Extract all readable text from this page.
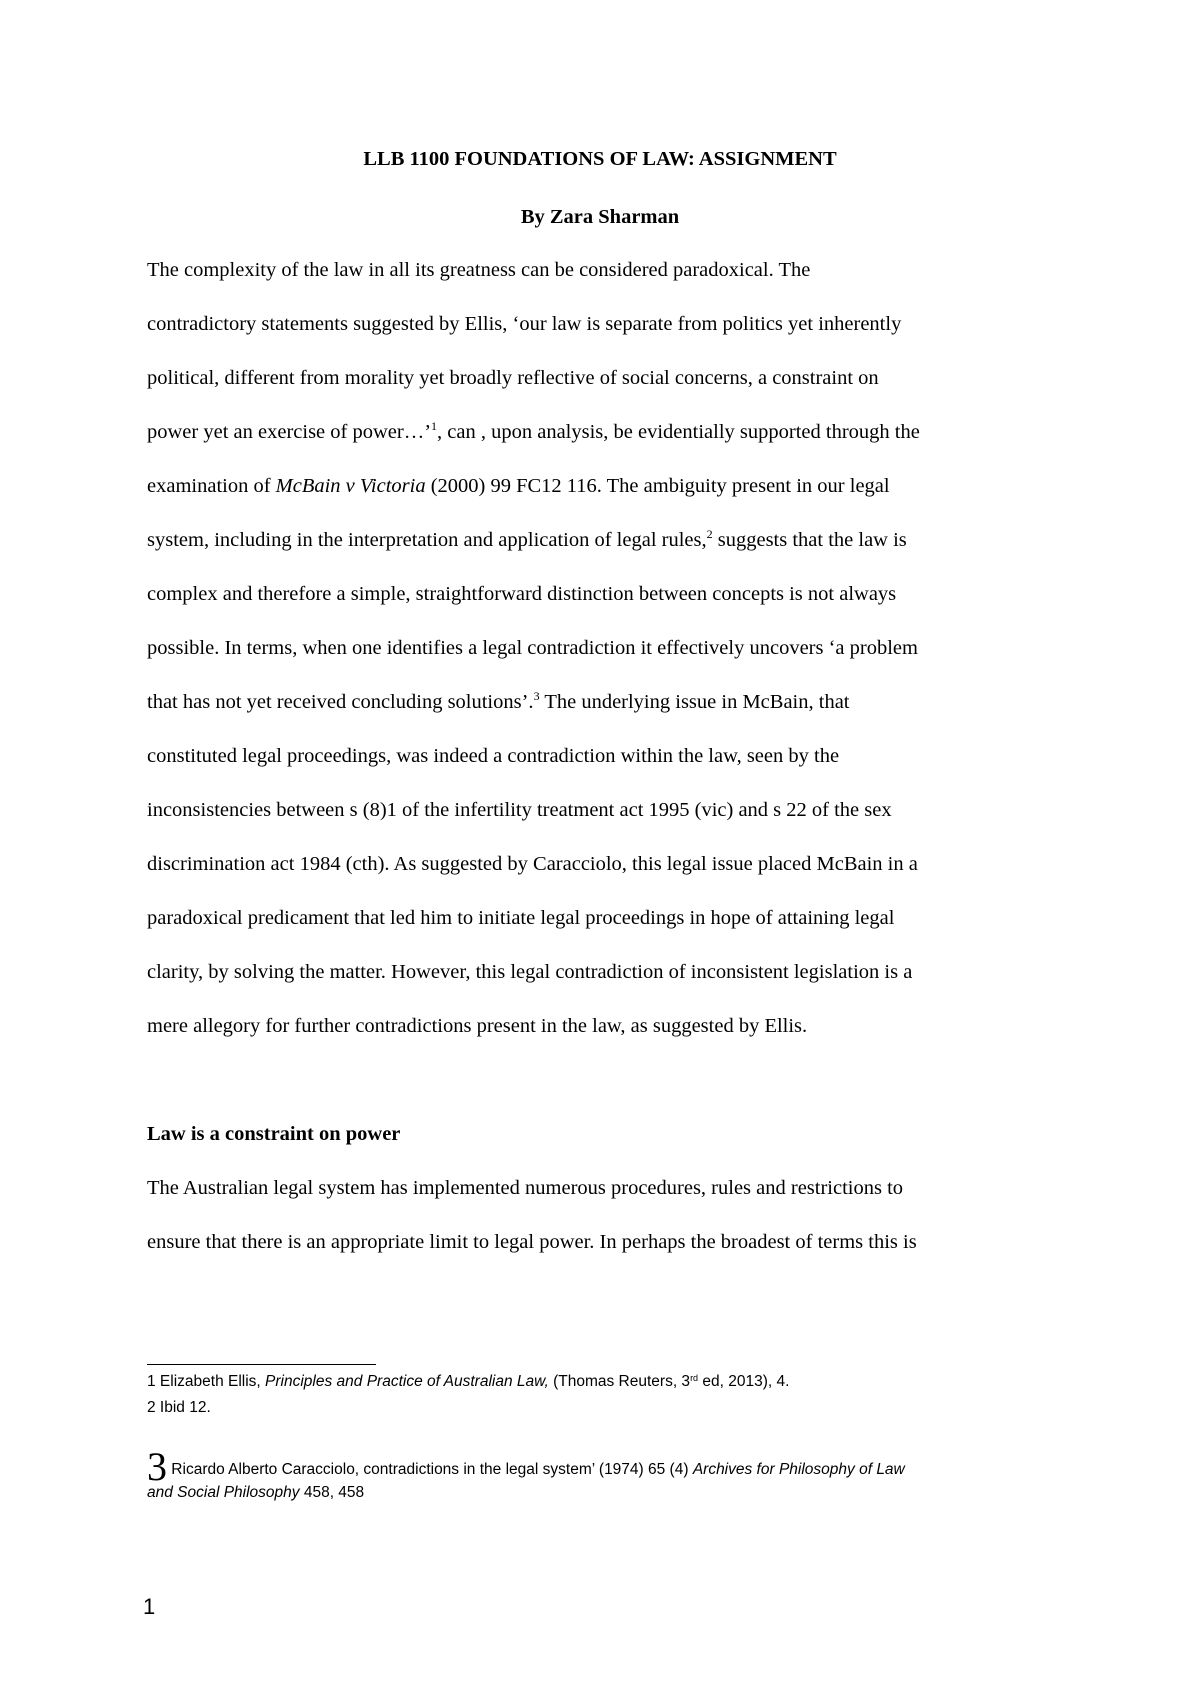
LLB 1100 FOUNDATIONS OF LAW: ASSIGNMENT
By Zara Sharman
The complexity of the law in all its greatness can be considered paradoxical. The
contradictory statements suggested by Ellis, ‘our law is separate from politics yet inherently
political, different from morality yet broadly reflective of social concerns, a constraint on
power yet an exercise of power…’$^1$, can , upon analysis, be evidentially supported through the
examination of McBain v Victoria (2000) 99 FC12 116. The ambiguity present in our legal
system, including in the interpretation and application of legal rules,$^2$ suggests that the law is
complex and therefore a simple, straightforward distinction between concepts is not always
possible. In terms, when one identifies a legal contradiction it effectively uncovers ‘a problem
that has not yet received concluding solutions’.$^3$ The underlying issue in McBain, that
constituted legal proceedings, was indeed a contradiction within the law, seen by the
inconsistencies between s (8)1 of the infertility treatment act 1995 (vic) and s 22 of the sex
discrimination act 1984 (cth). As suggested by Caracciolo, this legal issue placed McBain in a
paradoxical predicament that led him to initiate legal proceedings in hope of attaining legal
clarity, by solving the matter. However, this legal contradiction of inconsistent legislation is a
mere allegory for further contradictions present in the law, as suggested by Ellis.
Law is a constraint on power
The Australian legal system has implemented numerous procedures, rules and restrictions to
ensure that there is an appropriate limit to legal power. In perhaps the broadest of terms this is
1 Elizabeth Ellis, Principles and Practice of Australian Law, (Thomas Reuters, 3rd ed, 2013), 4.
2 Ibid 12.
3 Ricardo Alberto Caracciolo, contradictions in the legal system’ (1974) 65 (4) Archives for Philosophy of Law
and Social Philosophy 458, 458
1
